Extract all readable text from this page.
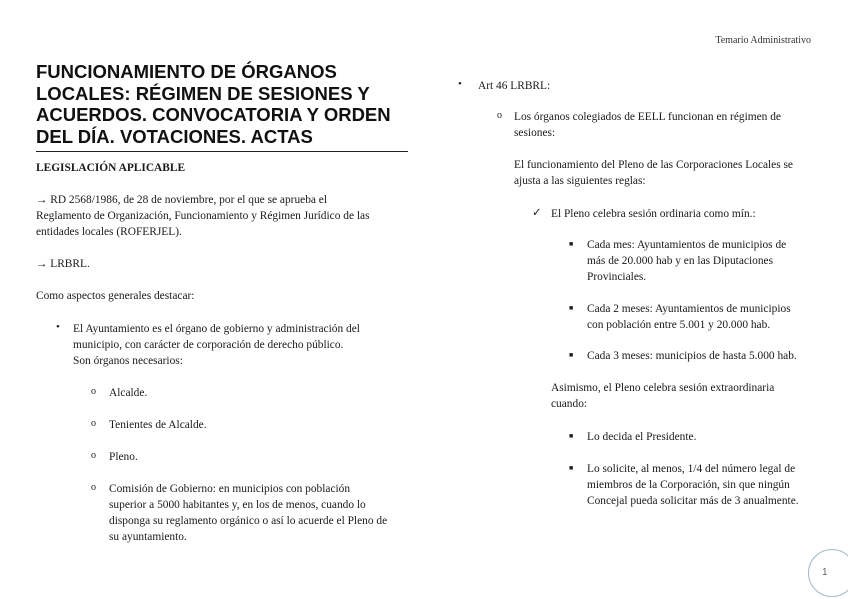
Temario Administrativo
FUNCIONAMIENTO DE ÓRGANOS LOCALES: RÉGIMEN DE SESIONES Y ACUERDOS. CONVOCATORIA Y ORDEN DEL DÍA. VOTACIONES. ACTAS
LEGISLACIÓN APLICABLE
→ RD 2568/1986, de 28 de noviembre, por el que se aprueba el
Reglamento de Organización, Funcionamiento y Régimen Jurídico de las
entidades locales (ROFERJEL).
→ LRBRL.
Como aspectos generales destacar:
• El Ayuntamiento es el órgano de gobierno y administración del
municipio, con carácter de corporación de derecho público.
Son órganos necesarios:
o Alcalde.
o Tenientes de Alcalde.
o Pleno.
o Comisión de Gobierno: en municipios con población
superior a 5000 habitantes y, en los de menos, cuando lo
disponga su reglamento orgánico o así lo acuerde el Pleno de
su ayuntamiento.
• Art 46 LRBRL:
o Los órganos colegiados de EELL funcionan en régimen de
sesiones:
El funcionamiento del Pleno de las Corporaciones Locales se
ajusta a las siguientes reglas:
✓ El Pleno celebra sesión ordinaria como mín.:
■ Cada mes: Ayuntamientos de municipios de
más de 20.000 hab y en las Diputaciones
Provinciales.
■ Cada 2 meses: Ayuntamientos de municipios
con población entre 5.001 y 20.000 hab.
■ Cada 3 meses: municipios de hasta 5.000 hab.
Asimismo, el Pleno celebra sesión extraordinaria
cuando:
■ Lo decida el Presidente.
■ Lo solicite, al menos, 1/4 del número legal de
miembros de la Corporación, sin que ningún
Concejal pueda solicitar más de 3 anualmente.
1
